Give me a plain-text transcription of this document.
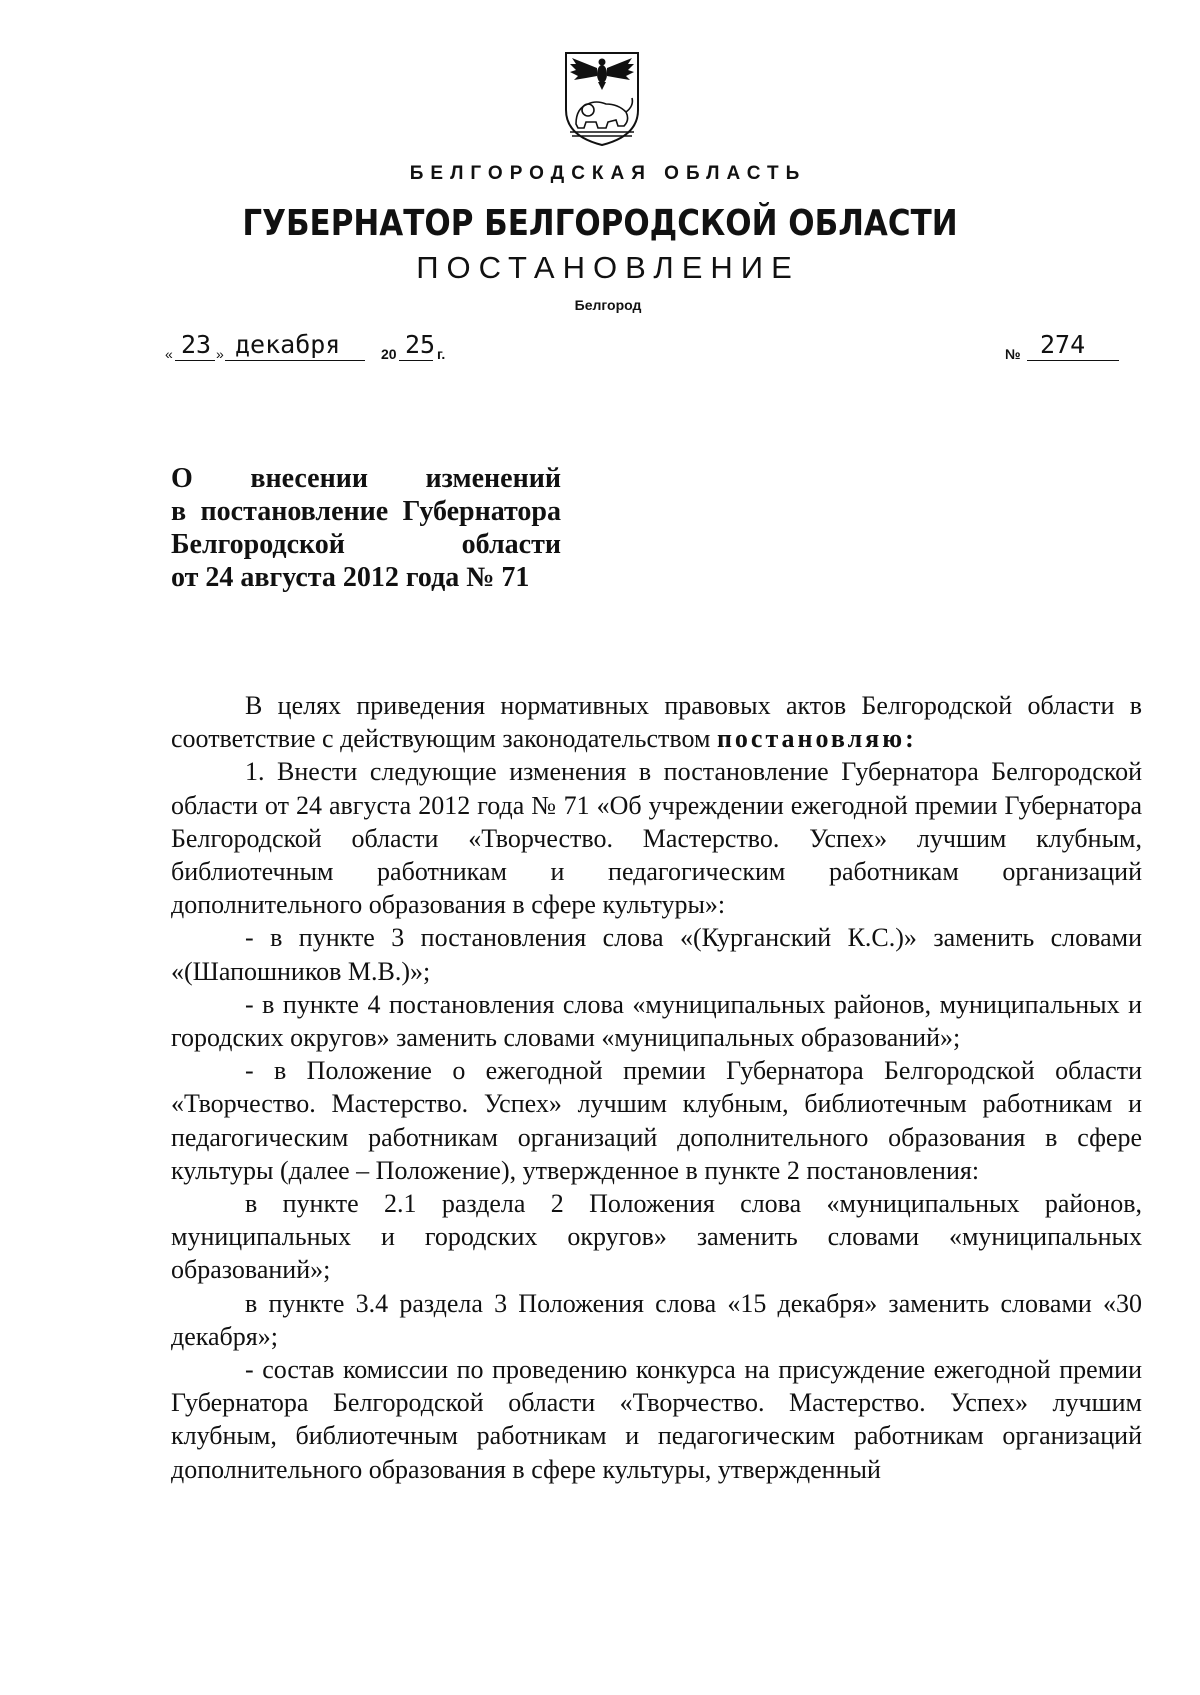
БЕЛГОРОДСКАЯ ОБЛАСТЬ
ГУБЕРНАТОР БЕЛГОРОДСКОЙ ОБЛАСТИ
ПОСТАНОВЛЕНИЕ
Белгород
« 23 » декабря	20 25 г.	№ 274
О внесении изменений
в постановление Губернатора
Белгородской области
от 24 августа 2012 года № 71

В целях приведения нормативных правовых актов Белгородской области в соответствие с действующим законодательством постановляю:

1. Внести следующие изменения в постановление Губернатора Белгородской области от 24 августа 2012 года № 71 «Об учреждении ежегодной премии Губернатора Белгородской области «Творчество. Мастерство. Успех» лучшим клубным, библиотечным работникам и педагогическим работникам организаций дополнительного образования в сфере культуры»:

- в пункте 3 постановления слова «(Курганский К.С.)» заменить словами «(Шапошников М.В.)»;

- в пункте 4 постановления слова «муниципальных районов, муниципальных и городских округов» заменить словами «муниципальных образований»;

- в Положение о ежегодной премии Губернатора Белгородской области «Творчество. Мастерство. Успех» лучшим клубным, библиотечным работникам и педагогическим работникам организаций дополнительного образования в сфере культуры (далее – Положение), утвержденное в пункте 2 постановления:

в пункте 2.1 раздела 2 Положения слова «муниципальных районов, муниципальных и городских округов» заменить словами «муниципальных образований»;

в пункте 3.4 раздела 3 Положения слова «15 декабря» заменить словами «30 декабря»;

- состав комиссии по проведению конкурса на присуждение ежегодной премии Губернатора Белгородской области «Творчество. Мастерство. Успех» лучшим клубным, библиотечным работникам и педагогическим работникам организаций дополнительного образования в сфере культуры, утвержденный
